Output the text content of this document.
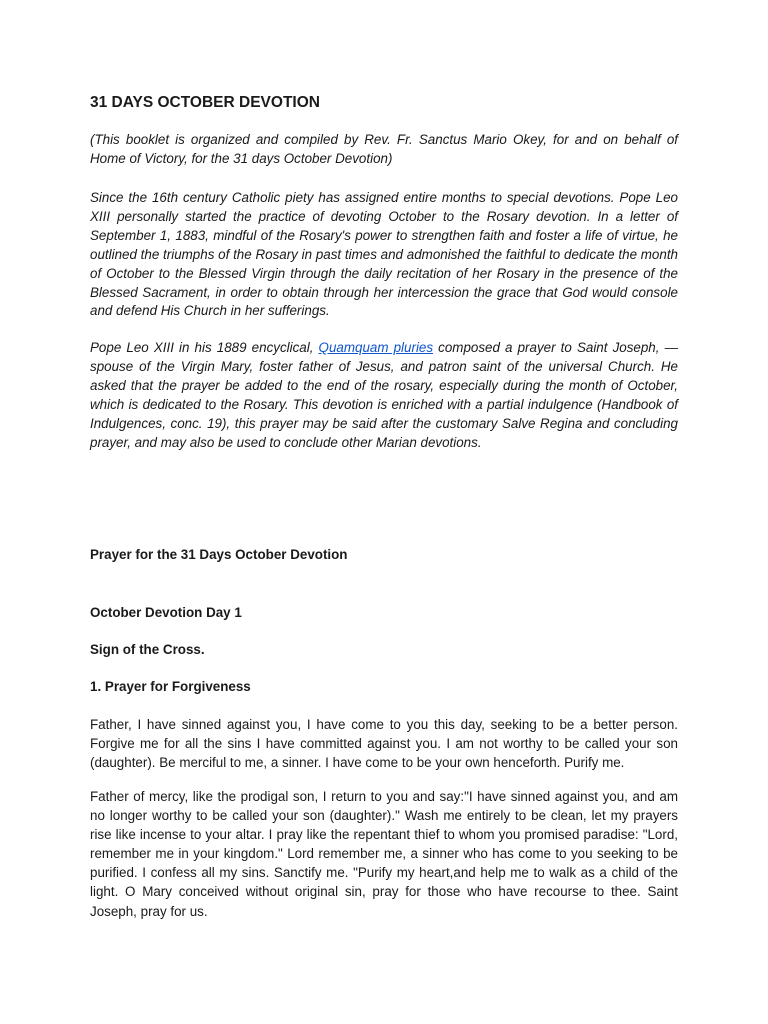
31 DAYS OCTOBER DEVOTION

(This booklet is organized and compiled by Rev. Fr. Sanctus Mario Okey, for and on behalf of Home of Victory, for the 31 days October Devotion)

Since the 16th century Catholic piety has assigned entire months to special devotions. Pope Leo XIII personally started the practice of devoting October to the Rosary devotion. In a letter of September 1, 1883, mindful of the Rosary's power to strengthen faith and foster a life of virtue, he outlined the triumphs of the Rosary in past times and admonished the faithful to dedicate the month of October to the Blessed Virgin through the daily recitation of her Rosary in the presence of the Blessed Sacrament, in order to obtain through her intercession the grace that God would console and defend His Church in her sufferings.

Pope Leo XIII in his 1889 encyclical, Quamquam pluries composed a prayer to Saint Joseph, —spouse of the Virgin Mary, foster father of Jesus, and patron saint of the universal Church. He asked that the prayer be added to the end of the rosary, especially during the month of October, which is dedicated to the Rosary. This devotion is enriched with a partial indulgence (Handbook of Indulgences, conc. 19), this prayer may be said after the customary Salve Regina and concluding prayer, and may also be used to conclude other Marian devotions.

Prayer for the 31 Days October Devotion
October Devotion Day 1
Sign of the Cross.
1. Prayer for Forgiveness

Father, I have sinned against you, I have come to you this day, seeking to be a better person. Forgive me for all the sins I have committed against you. I am not worthy to be called your son (daughter). Be merciful to me, a sinner. I have come to be your own henceforth. Purify me.

Father of mercy, like the prodigal son, I return to you and say:"I have sinned against you, and am no longer worthy to be called your son (daughter)." Wash me entirely to be clean, let my prayers rise like incense to your altar. I pray like the repentant thief to whom you promised paradise: "Lord, remember me in your kingdom." Lord remember me, a sinner who has come to you seeking to be purified. I confess all my sins. Sanctify me. "Purify my heart,and help me to walk as a child of the light. O Mary conceived without original sin, pray for those who have recourse to thee. Saint Joseph, pray for us.
